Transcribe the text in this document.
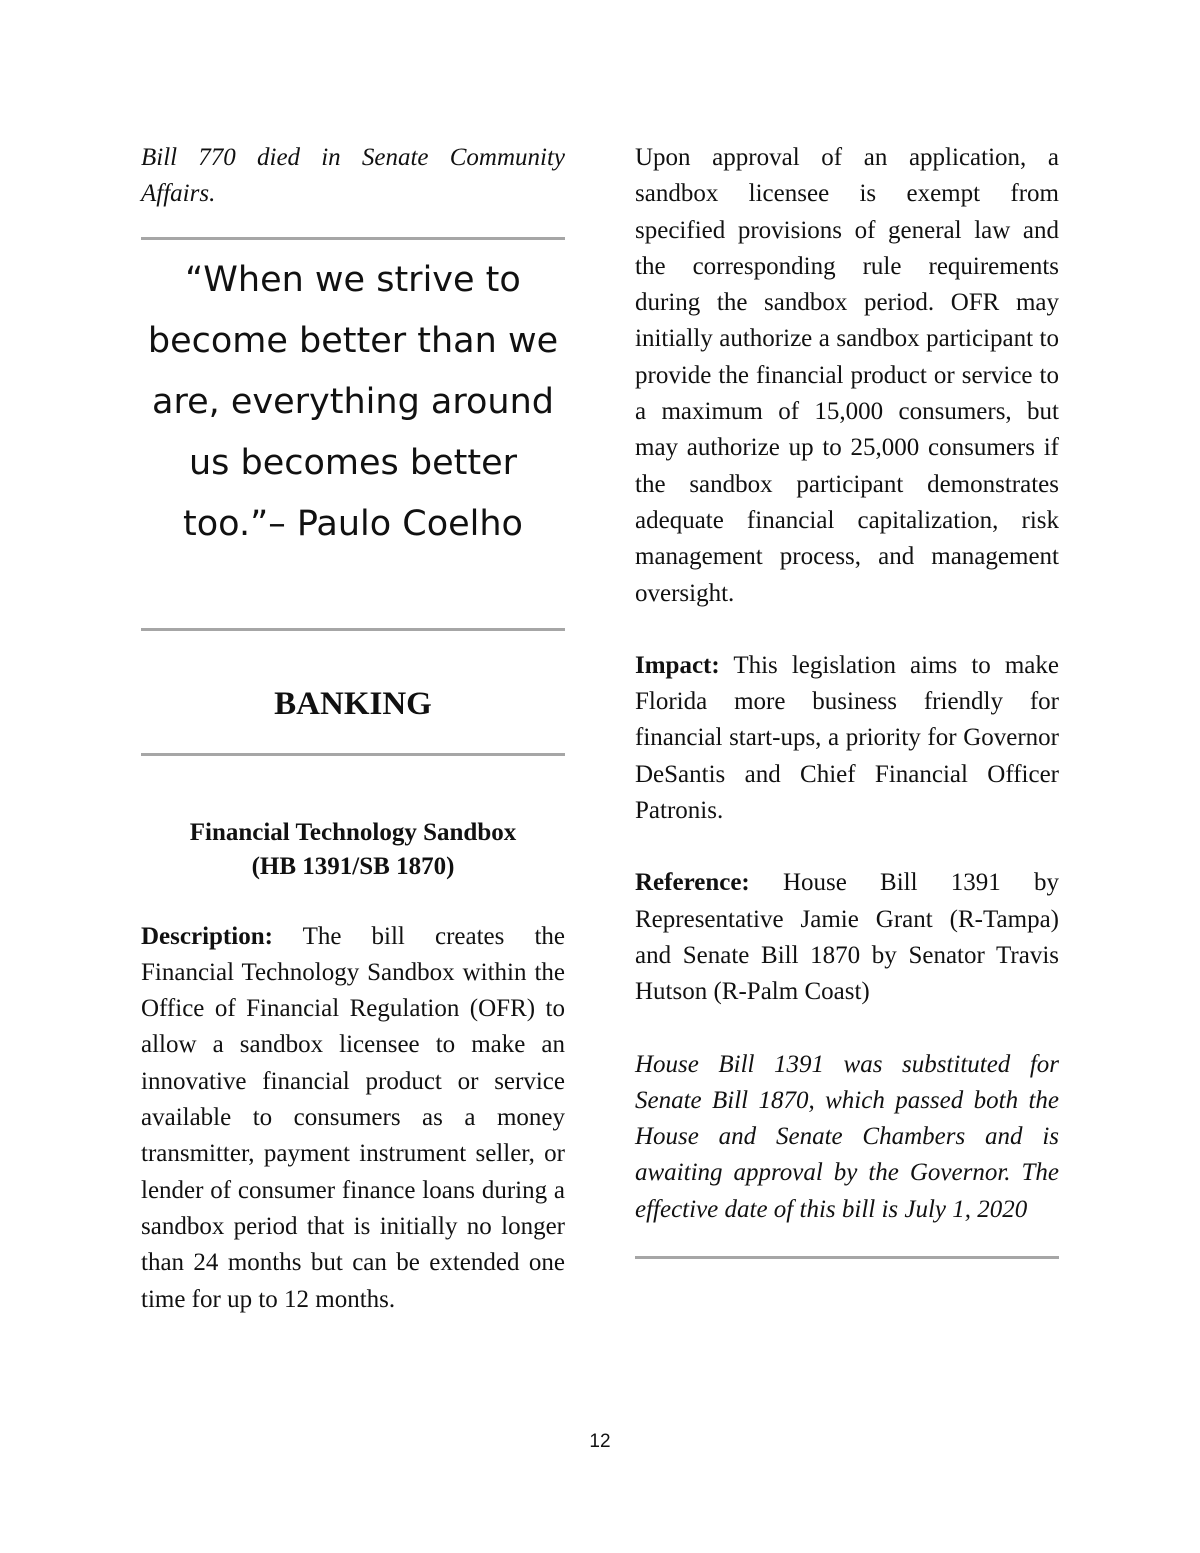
Bill 770 died in Senate Community Affairs.

“When we strive to become better than we are, everything around us becomes better too.”– Paulo Coelho

BANKING

Financial Technology Sandbox
(HB 1391/SB 1870)

Description: The bill creates the Financial Technology Sandbox within the Office of Financial Regulation (OFR) to allow a sandbox licensee to make an innovative financial product or service available to consumers as a money transmitter, payment instrument seller, or lender of consumer finance loans during a sandbox period that is initially no longer than 24 months but can be extended one time for up to 12 months.

Upon approval of an application, a sandbox licensee is exempt from specified provisions of general law and the corresponding rule requirements during the sandbox period. OFR may initially authorize a sandbox participant to provide the financial product or service to a maximum of 15,000 consumers, but may authorize up to 25,000 consumers if the sandbox participant demonstrates adequate financial capitalization, risk management process, and management oversight.

Impact: This legislation aims to make Florida more business friendly for financial start-ups, a priority for Governor DeSantis and Chief Financial Officer Patronis.

Reference: House Bill 1391 by Representative Jamie Grant (R-Tampa) and Senate Bill 1870 by Senator Travis Hutson (R-Palm Coast)

House Bill 1391 was substituted for Senate Bill 1870, which passed both the House and Senate Chambers and is awaiting approval by the Governor. The effective date of this bill is July 1, 2020

12
